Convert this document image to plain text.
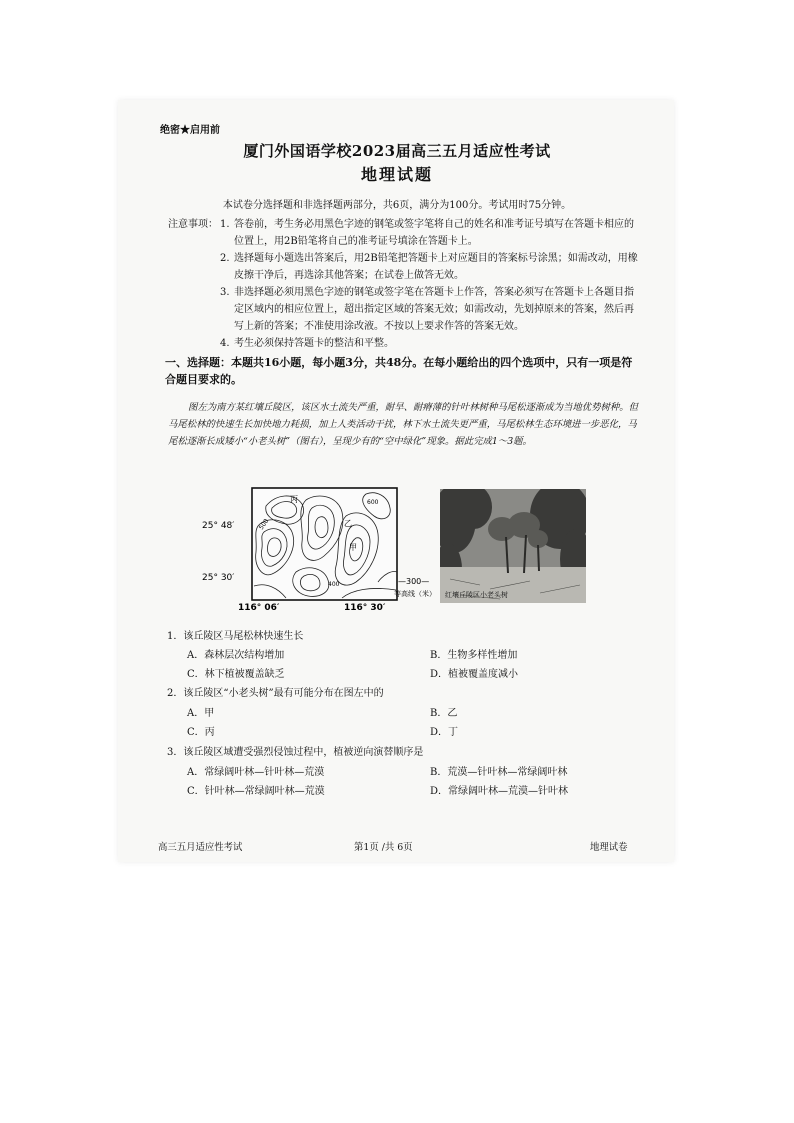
绝密★启用前
厦门外国语学校2023届高三五月适应性考试
地理试题
本试卷分选择题和非选择题两部分，共6页，满分为100分。考试用时75分钟。
注意事项： 1. 答卷前，考生务必用黑色字迹的钢笔或签字笔将自己的姓名和准考证号填写在答题卡相应的位置上，用2B铅笔将自己的准考证号填涂在答题卡上。
2. 选择题每小题选出答案后，用2B铅笔把答题卡上对应题目的答案标号涂黑；如需改动，用橡皮擦干净后，再选涂其他答案；在试卷上做答无效。
3. 非选择题必须用黑色字迹的钢笔或签字笔在答题卡上作答，答案必须写在答题卡上各题目指定区域内的相应位置上，超出指定区域的答案无效；如需改动，先划掉原来的答案，然后再写上新的答案；不准使用涂改液。不按以上要求作答的答案无效。
4. 考生必须保持答题卡的整洁和平整。
一、选择题：本题共16小题，每小题3分，共48分。在每小题给出的四个选项中，只有一项是符合题目要求的。
图左为南方某红壤丘陵区，该区水土流失严重，耐旱、耐瘠薄的针叶林树种马尾松逐渐成为当地优势树种。但马尾松林的快速生长加快地力耗损，加上人类活动干扰，林下水土流失更严重，马尾松林生态环境进一步恶化，马尾松逐渐长成矮小“小老头树”（图右），呈现少有的“空中绿化”现象。据此完成1～3题。
丙
乙
甲
600
500
400
25° 48′
25° 30′
116° 06′	116° 30′
—300—
等高线（米） 红壤丘陵区小老头树
1．该丘陵区马尾松林快速生长
A．森林层次结构增加	B．生物多样性增加
C．林下植被覆盖缺乏	D．植被覆盖度减小
2．该丘陵区“小老头树”最有可能分布在图左中的
A．甲	B．乙
C．丙	D．丁
3．该丘陵区域遭受强烈侵蚀过程中，植被逆向演替顺序是
A．常绿阔叶林—针叶林—荒漠	B．荒漠—针叶林—常绿阔叶林
C．针叶林—常绿阔叶林—荒漠	D．常绿阔叶林—荒漠—针叶林
高三五月适应性考试	第1页 /共 6页	地理试卷
